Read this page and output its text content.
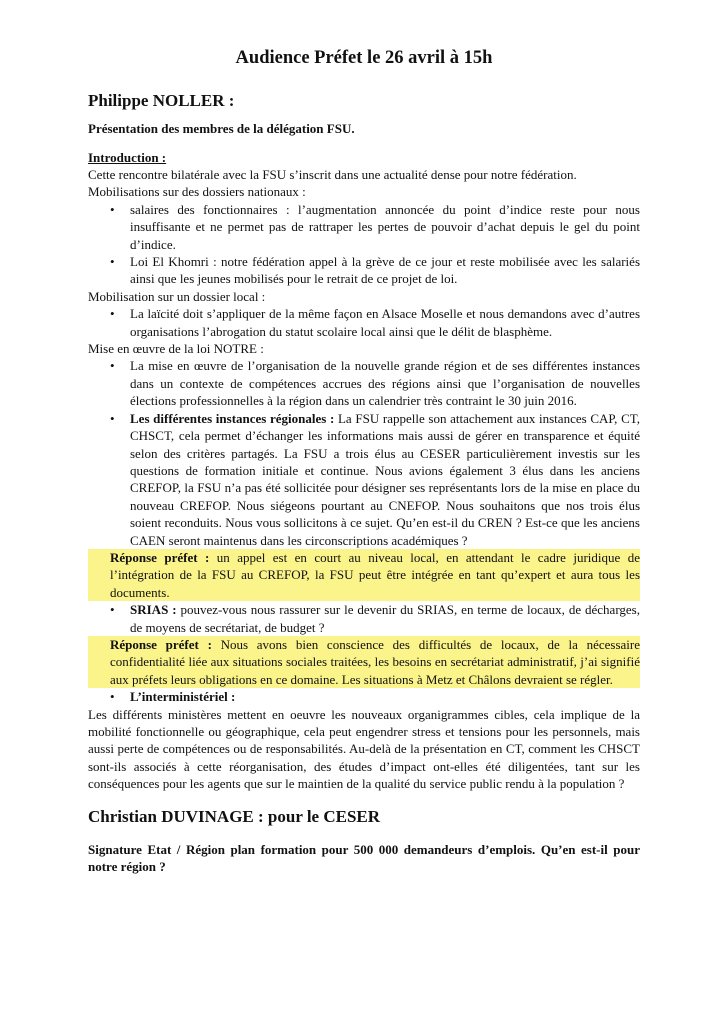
Audience Préfet le 26 avril à 15h
Philippe NOLLER :
Présentation des membres de la délégation FSU.
Introduction :

Cette rencontre bilatérale avec la FSU s’inscrit dans une actualité dense pour notre fédération.

Mobilisations sur des dossiers nationaux :

• salaires des fonctionnaires : l’augmentation annoncée du point d’indice reste pour nous insuffisante et ne permet pas de rattraper les pertes de pouvoir d’achat depuis le gel du point d’indice.
• Loi El Khomri : notre fédération appel à la grève de ce jour et reste mobilisée avec les salariés ainsi que les jeunes mobilisés pour le retrait de ce projet de loi.

Mobilisation sur un dossier local :

• La laïcité doit s’appliquer de la même façon en Alsace Moselle et nous demandons avec d’autres organisations l’abrogation du statut scolaire local ainsi que le délit de blasphème.

Mise en œuvre de la loi NOTRE :

• La mise en œuvre de l’organisation de la nouvelle grande région et de ses différentes instances dans un contexte de compétences accrues des régions ainsi que l’organisation de nouvelles élections professionnelles à la région dans un calendrier très contraint le 30 juin 2016.
• Les différentes instances régionales : La FSU rappelle son attachement aux instances CAP, CT, CHSCT, cela permet d’échanger les informations mais aussi de gérer en transparence et équité selon des critères partagés. La FSU a trois élus au CESER particulièrement investis sur les questions de formation initiale et continue. Nous avions également 3 élus dans les anciens CREFOP, la FSU n’a pas été sollicitée pour désigner ses représentants lors de la mise en place du nouveau CREFOP. Nous siégeons pourtant au CNEFOP. Nous souhaitons que nos trois élus soient reconduits. Nous vous sollicitons à ce sujet. Qu’en est-il du CREN ? Est-ce que les anciens CAEN seront maintenus dans les circonscriptions académiques ?

Réponse préfet : un appel est en court au niveau local, en attendant le cadre juridique de l’intégration de la FSU au CREFOP, la FSU peut être intégrée en tant qu’expert et aura tous les documents.

• SRIAS : pouvez-vous nous rassurer sur le devenir du SRIAS, en terme de locaux, de décharges, de moyens de secrétariat, de budget ?

Réponse préfet : Nous avons bien conscience des difficultés de locaux, de la nécessaire confidentialité liée aux situations sociales traitées, les besoins en secrétariat administratif, j’ai signifié aux préfets leurs obligations en ce domaine. Les situations à Metz et Châlons devraient se régler.

• L’interministériel :

Les différents ministères mettent en oeuvre les nouveaux organigrammes cibles, cela implique de la mobilité fonctionnelle ou géographique, cela peut engendrer stress et tensions pour les personnels, mais aussi perte de compétences ou de responsabilités. Au-delà de la présentation en CT, comment les CHSCT sont-ils associés à cette réorganisation, des études d’impact ont-elles été diligentées, tant sur les conséquences pour les agents que sur le maintien de la qualité du service public rendu à la population ?

Christian DUVINAGE : pour le CESER
Signature Etat / Région plan formation pour 500 000 demandeurs d’emplois. Qu’en est-il pour notre région ?
